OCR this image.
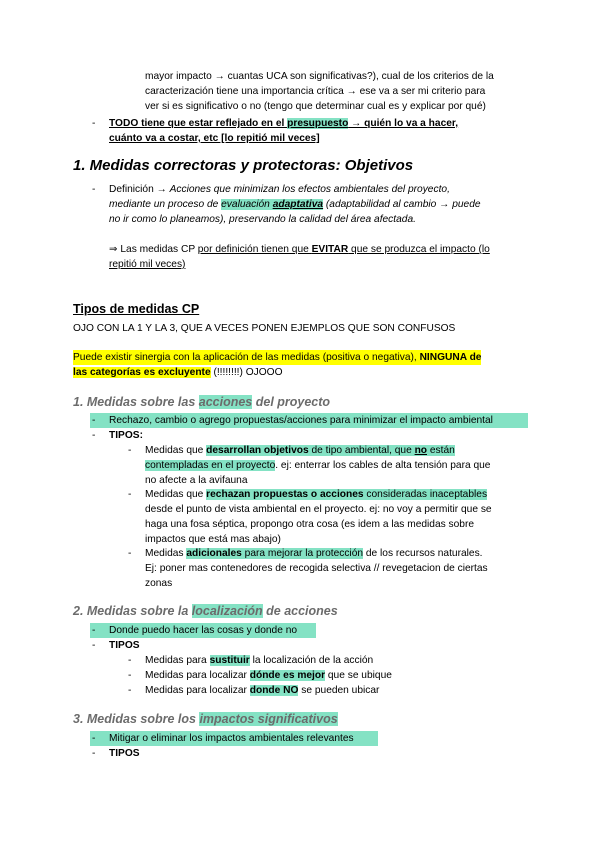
mayor impacto → cuantas UCA son significativas?), cual de los criterios de la
caracterización tiene una importancia crítica → ese va a ser mi criterio para
ver si es significativo o no (tengo que determinar cual es y explicar por qué)
- TODO tiene que estar reflejado en el presupuesto → quién lo va a hacer,
cuánto va a costar, etc [lo repitió mil veces]
1. Medidas correctoras y protectoras: Objetivos
- Definición → Acciones que minimizan los efectos ambientales del proyecto,
mediante un proceso de evaluación adaptativa (adaptabilidad al cambio → puede
no ir como lo planeamos), preservando la calidad del área afectada.
⇒ Las medidas CP por definición tienen que EVITAR que se produzca el impacto (lo
repitió mil veces)
Tipos de medidas CP
OJO CON LA 1 Y LA 3, QUE A VECES PONEN EJEMPLOS QUE SON CONFUSOS
Puede existir sinergia con la aplicación de las medidas (positiva o negativa), NINGUNA de
las categorías es excluyente (!!!!!!!!) OJOOO
1. Medidas sobre las acciones del proyecto
- Rechazo, cambio o agrego propuestas/acciones para minimizar el impacto ambiental
- TIPOS:
- Medidas que desarrollan objetivos de tipo ambiental, que no están
contempladas en el proyecto. ej: enterrar los cables de alta tensión para que
no afecte a la avifauna
- Medidas que rechazan propuestas o acciones consideradas inaceptables
desde el punto de vista ambiental en el proyecto. ej: no voy a permitir que se
haga una fosa séptica, propongo otra cosa (es idem a las medidas sobre
impactos que está mas abajo)
- Medidas adicionales para mejorar la protección de los recursos naturales.
Ej: poner mas contenedores de recogida selectiva // revegetacion de ciertas
zonas
2. Medidas sobre la localización de acciones
- Donde puedo hacer las cosas y donde no
- TIPOS
- Medidas para sustituir la localización de la acción
- Medidas para localizar dónde es mejor que se ubique
- Medidas para localizar donde NO se pueden ubicar
3. Medidas sobre los impactos significativos
- Mitigar o eliminar los impactos ambientales relevantes
- TIPOS
